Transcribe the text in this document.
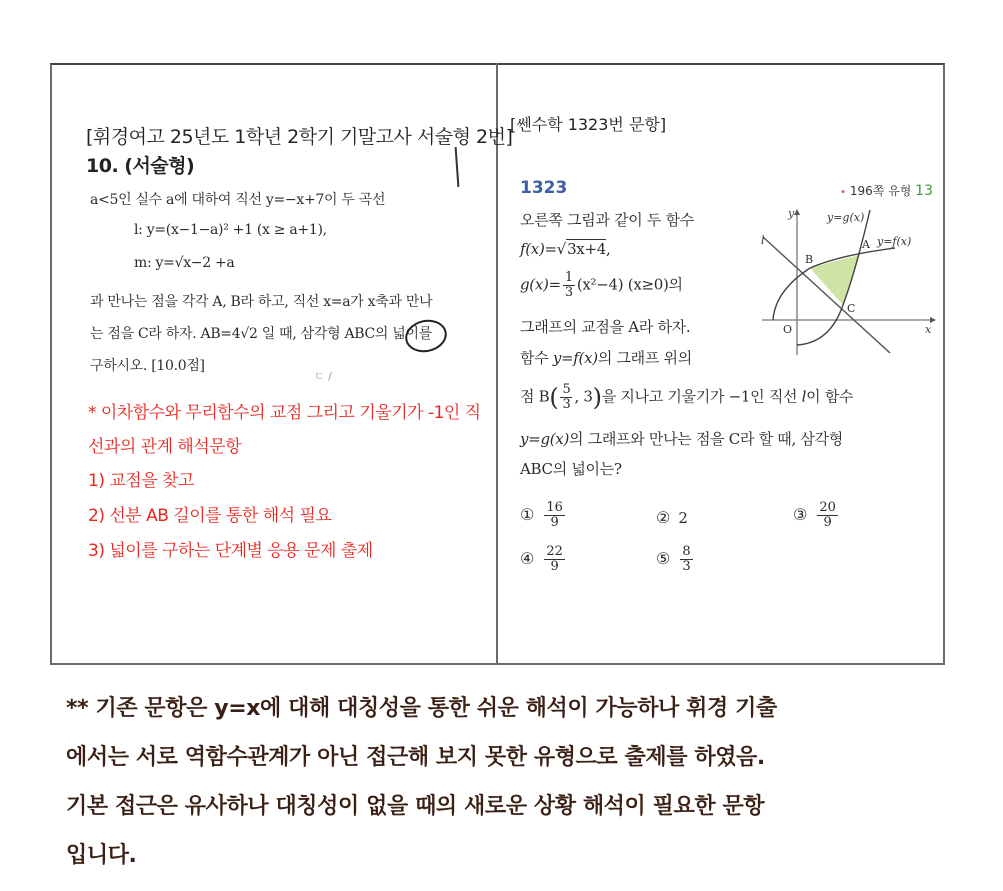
[휘경여고 25년도 1학년 2학기 기말고사 서술형 2번]
10. (서술형)
a<5인 실수 a에 대하여 직선 y=−x+7이 두 곡선
l: y=(x−1−a)² +1 (x ≥ a+1),
m: y=√x−2 +a
과 만나는 점을 각각 A, B라 하고, 직선 x=a가 x축과 만나
는 점을 C라 하자. AB=4√2 일 때, 삼각형 ABC의 넓이를
구하시오. [10.0점]
ㄷ /
* 이차함수와 무리함수의 교점 그리고 기울기가 -1인 직
선과의 관계 해석문항
1) 교점을 찾고
2) 선분 AB 길이를 통한 해석 필요
3) 넓이를 구하는 단계별 응용 문제 출제
[쎈수학 1323번 문항]
1323	• 196쪽 유형 13
오른쪽 그림과 같이 두 함수
f(x)=√3x+4,
$g(x)= \frac{1}{3} (x^2-4)$ (x≥0)의
그래프의 교점을 A라 하자.
함수 y=f(x)의 그래프 위의
점 $B( \frac{5}{3}$ , 3)을 지나고 기울기가 −1인 직선 l이 함수
y=g(x)의 그래프와 만나는 점을 C라 할 때, 삼각형
ABC의 넓이는?
① $\frac{16}{9}$	② 2	③ $\frac{20}{9}$
④ $\frac{22}{9}$	⑤ $\frac{8}{3}$
y
x
O
l
y=g(x)
y=f(x)
A
B
C
** 기존 문항은 y=x에 대해 대칭성을 통한 쉬운 해석이 가능하나 휘경 기출
에서는 서로 역함수관계가 아닌 접근해 보지 못한 유형으로 출제를 하였음.
기본 접근은 유사하나 대칭성이 없을 때의 새로운 상황 해석이 필요한 문항
입니다.
